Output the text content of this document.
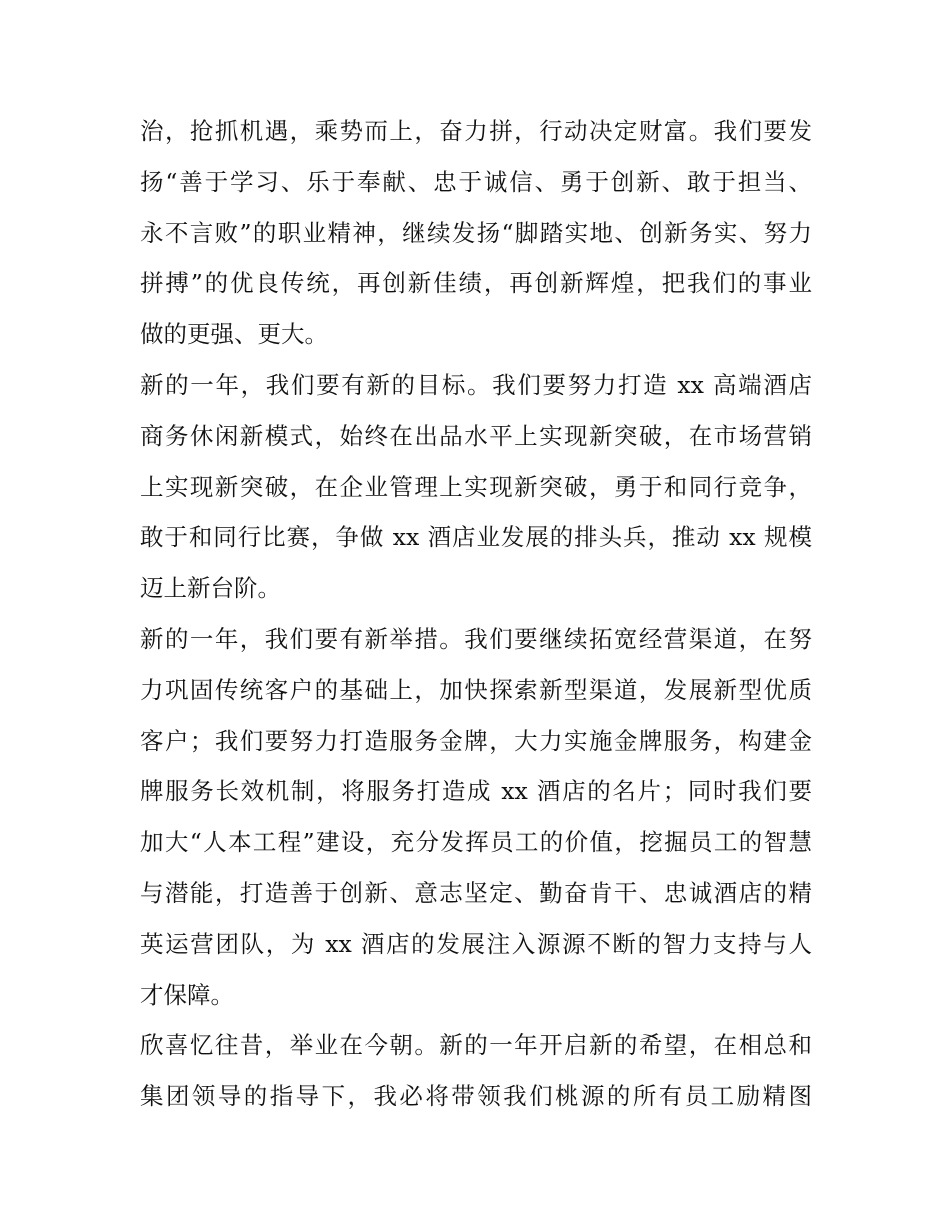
治，抢抓机遇，乘势而上，奋力拼，行动决定财富。我们要发
扬“善于学习、乐于奉献、忠于诚信、勇于创新、敢于担当、
永不言败”的职业精神，继续发扬“脚踏实地、创新务实、努力
拼搏”的优良传统，再创新佳绩，再创新辉煌，把我们的事业
做的更强、更大。
新的一年，我们要有新的目标。我们要努力打造 xx 高端酒店
商务休闲新模式，始终在出品水平上实现新突破，在市场营销
上实现新突破，在企业管理上实现新突破，勇于和同行竞争，
敢于和同行比赛，争做 xx 酒店业发展的排头兵，推动 xx 规模
迈上新台阶。
新的一年，我们要有新举措。我们要继续拓宽经营渠道，在努
力巩固传统客户的基础上，加快探索新型渠道，发展新型优质
客户；我们要努力打造服务金牌，大力实施金牌服务，构建金
牌服务长效机制，将服务打造成 xx 酒店的名片；同时我们要
加大“人本工程”建设，充分发挥员工的价值，挖掘员工的智慧
与潜能，打造善于创新、意志坚定、勤奋肯干、忠诚酒店的精
英运营团队，为 xx 酒店的发展注入源源不断的智力支持与人
才保障。
欣喜忆往昔，举业在今朝。新的一年开启新的希望，在相总和
集团领导的指导下，我必将带领我们桃源的所有员工励精图
